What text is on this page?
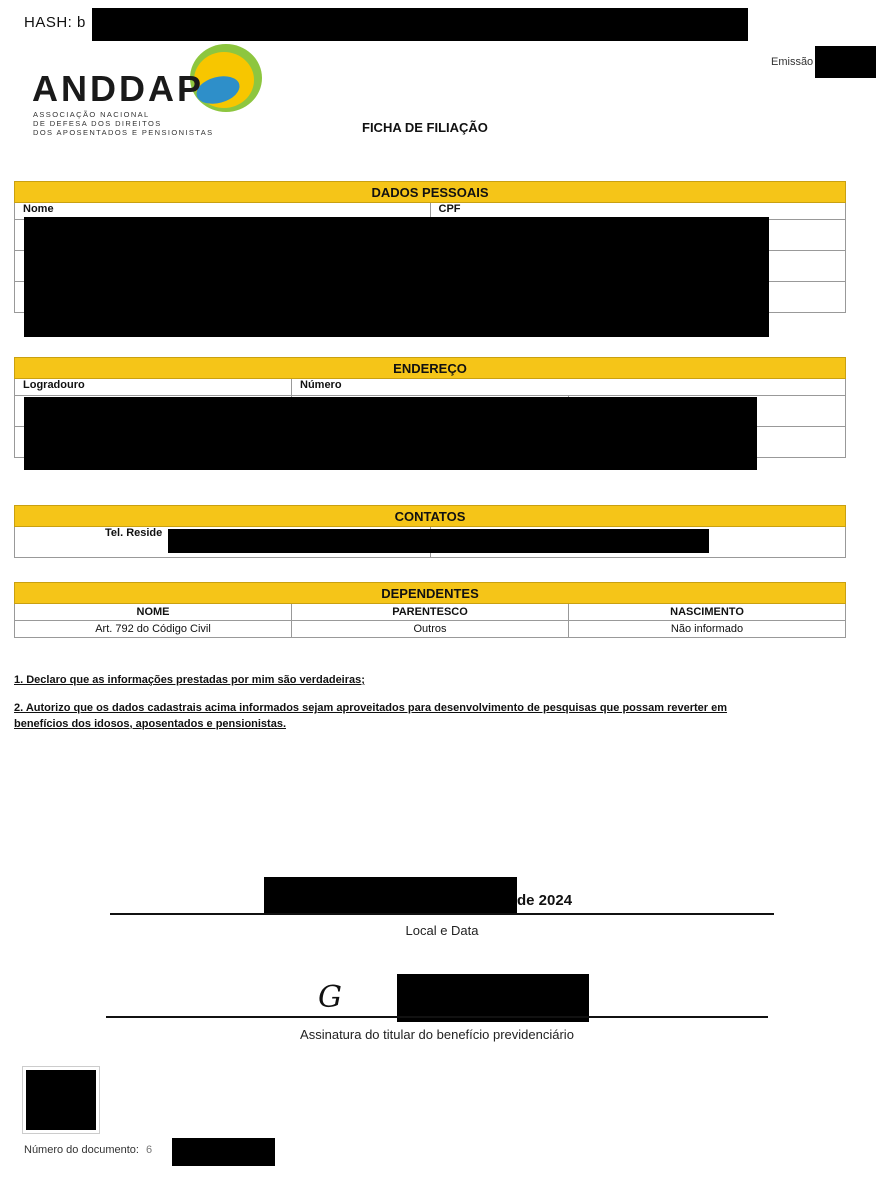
HASH: b
Emissão
ANDDAP
ASSOCIAÇÃO NACIONAL
DE DEFESA DOS DIREITOS
DOS APOSENTADOS E PENSIONISTAS	FICHA DE FILIAÇÃO
DADOS PESSOAIS	
Nome	CPF

ENDEREÇO		
Logradouro	Número	

CONTATOS
Tel. Reside	
DEPENDENTES		
NOME	PARENTESCO	NASCIMENTO
Art. 792 do Código Civil	Outros	Não informado
1. Declaro que as informações prestadas por mim são verdadeiras;
2. Autorizo que os dados cadastrais acima informados sejam aproveitados para desenvolvimento de pesquisas que possam reverter em benefícios dos idosos, aposentados e pensionistas.
de 2024
Local e Data
G
Assinatura do titular do benefício previdenciário
Número do documento: 6
